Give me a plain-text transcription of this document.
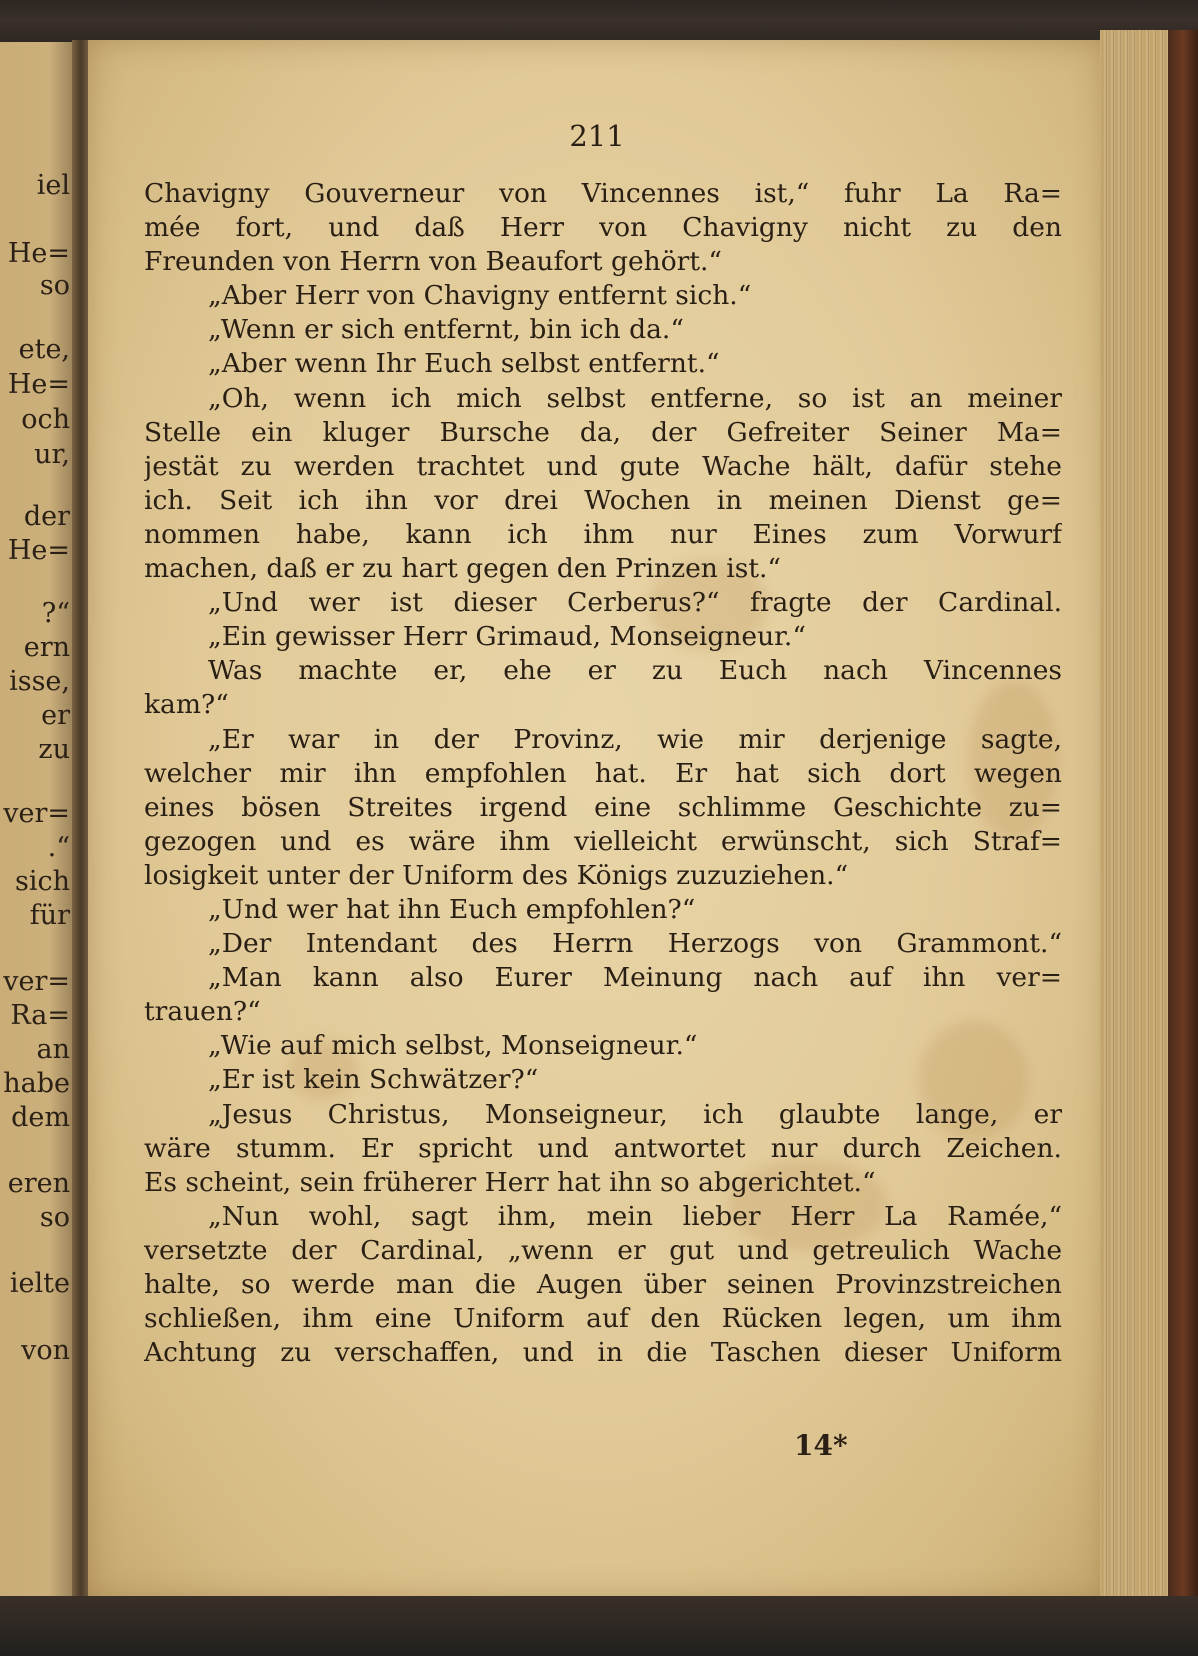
iel
He=
so
ete,
He=
och
ur,
der
He=
?“
ern
isse,
er
zu
ver=
.“
sich
für
ver=
Ra=
an
habe
dem
eren
so
ielte
von

211

Chavigny Gouverneur von Vincennes ist,“ fuhr La Ra=
mée fort, und daß Herr von Chavigny nicht zu den
Freunden von Herrn von Beaufort gehört.“
„Aber Herr von Chavigny entfernt sich.“
„Wenn er sich entfernt, bin ich da.“
„Aber wenn Ihr Euch selbst entfernt.“
„Oh, wenn ich mich selbst entferne, so ist an meiner
Stelle ein kluger Bursche da, der Gefreiter Seiner Ma=
jestät zu werden trachtet und gute Wache hält, dafür stehe
ich. Seit ich ihn vor drei Wochen in meinen Dienst ge=
nommen habe, kann ich ihm nur Eines zum Vorwurf
machen, daß er zu hart gegen den Prinzen ist.“
„Und wer ist dieser Cerberus?“ fragte der Cardinal.
„Ein gewisser Herr Grimaud, Monseigneur.“
Was machte er, ehe er zu Euch nach Vincennes
kam?“
„Er war in der Provinz, wie mir derjenige sagte,
welcher mir ihn empfohlen hat. Er hat sich dort wegen
eines bösen Streites irgend eine schlimme Geschichte zu=
gezogen und es wäre ihm vielleicht erwünscht, sich Straf=
losigkeit unter der Uniform des Königs zuzuziehen.“
„Und wer hat ihn Euch empfohlen?“
„Der Intendant des Herrn Herzogs von Grammont.“
„Man kann also Eurer Meinung nach auf ihn ver=
trauen?“
„Wie auf mich selbst, Monseigneur.“
„Er ist kein Schwätzer?“
„Jesus Christus, Monseigneur, ich glaubte lange, er
wäre stumm. Er spricht und antwortet nur durch Zeichen.
Es scheint, sein früherer Herr hat ihn so abgerichtet.“
„Nun wohl, sagt ihm, mein lieber Herr La Ramée,“
versetzte der Cardinal, „wenn er gut und getreulich Wache
halte, so werde man die Augen über seinen Provinzstreichen
schließen, ihm eine Uniform auf den Rücken legen, um ihm
Achtung zu verschaffen, und in die Taschen dieser Uniform

14*
